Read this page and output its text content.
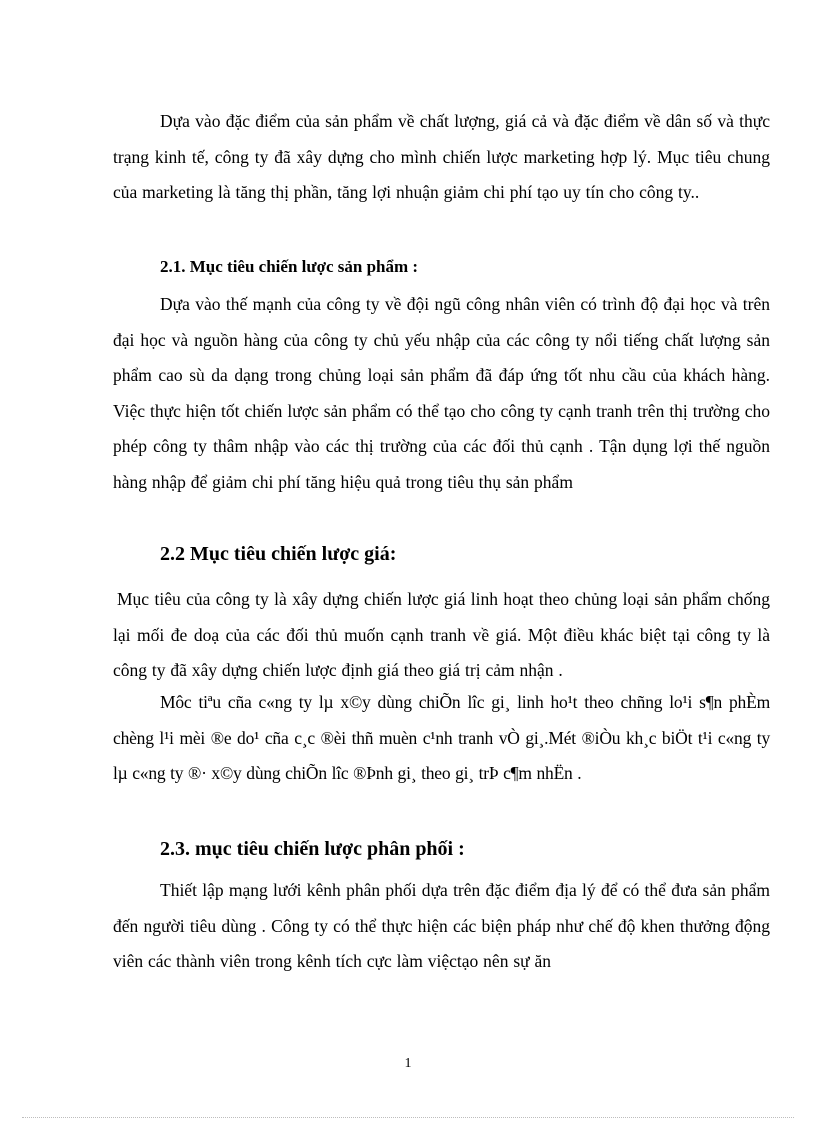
Dựa vào đặc điểm của sản phẩm về chất lượng, giá cả và đặc điểm về dân số và thực trạng kinh tế, công ty đã xây dựng cho mình chiến lược marketing hợp lý. Mục tiêu chung của marketing là tăng thị phần, tăng lợi nhuận giảm chi phí tạo uy tín cho công ty..

2.1. Mục tiêu chiến lược sản phẩm :

Dựa vào thế mạnh của công ty về đội ngũ công nhân viên có trình độ đại học và trên đại học và nguồn hàng của công ty chủ yếu nhập của các công ty nổi tiếng chất lượng sản phẩm cao sù da dạng trong chủng loại sản phẩm đã đáp ứng tốt nhu cầu của khách hàng. Việc thực hiện tốt chiến lược sản phẩm có thể tạo cho công ty cạnh tranh trên thị trường cho phép công ty thâm nhập vào các thị trường của các đối thủ cạnh . Tận dụng lợi thế nguồn hàng nhập để giảm chi phí tăng hiệu quả trong tiêu thụ sản phẩm

2.2 Mục tiêu chiến lược giá:

Mục tiêu của công ty là xây dựng chiến lược giá linh hoạt theo chủng loại sản phẩm chống lại mối đe doạ của các đối thủ muốn cạnh tranh về giá. Một điều khác biệt tại công ty là công ty đã xây dựng chiến lược định giá theo giá trị cảm nhận .

Môc tiªu cña c«ng ty lµ x©y dùng chiÕn lîc gi¸ linh ho¹t theo chñng lo¹i s¶n phÈm chèng l¹i mèi ®e do¹ cña c¸c ®èi thñ muèn c¹nh tranh vÒ gi¸.Mét ®iÒu kh¸c biÖt t¹i c«ng ty lµ c«ng ty ®· x©y dùng chiÕn lîc ®Þnh gi¸ theo gi¸ trÞ c¶m nhËn .

2.3. mục tiêu chiến lược phân phối :

Thiết lập mạng lưới kênh phân phối dựa trên đặc điểm địa lý để có thể đưa sản phẩm đến người tiêu dùng . Công ty có thể thực hiện các biện pháp như chế độ khen thưởng động viên các thành viên trong kênh tích cực làm việctạo nên sự ăn

1
